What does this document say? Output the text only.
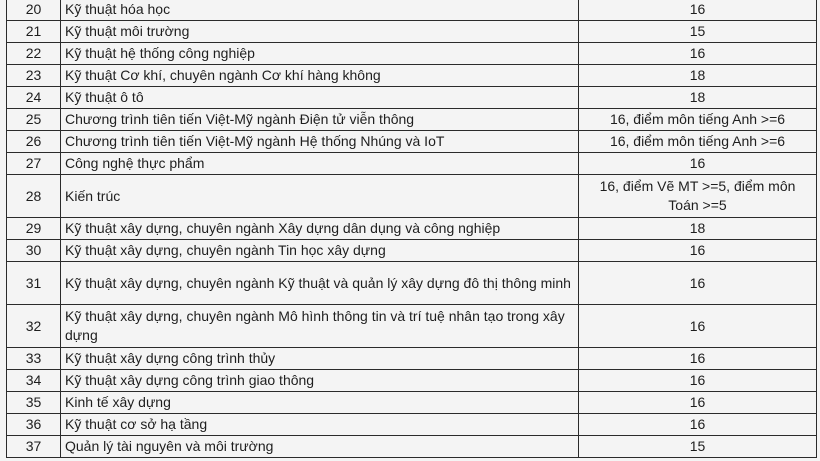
20	Kỹ thuật hóa học	16
21	Kỹ thuật môi trường	15
22	Kỹ thuật hệ thống công nghiệp	16
23	Kỹ thuật Cơ khí, chuyên ngành Cơ khí hàng không	18
24	Kỹ thuật ô tô	18
25	Chương trình tiên tiến Việt-Mỹ ngành Điện tử viễn thông	16, điểm môn tiếng Anh >=6
26	Chương trình tiên tiến Việt-Mỹ ngành Hệ thống Nhúng và IoT	16, điểm môn tiếng Anh >=6
27	Công nghệ thực phẩm	16
28	Kiến trúc	16, điểm Vẽ MT >=5, điểm môn Toán >=5
29	Kỹ thuật xây dựng, chuyên ngành Xây dựng dân dụng và công nghiệp	18
30	Kỹ thuật xây dựng, chuyên ngành Tin học xây dựng	16
31	Kỹ thuật xây dựng, chuyên ngành Kỹ thuật và quản lý xây dựng đô thị thông minh	16
32	Kỹ thuật xây dựng, chuyên ngành Mô hình thông tin và trí tuệ nhân tạo trong xây dựng	16
33	Kỹ thuật xây dựng công trình thủy	16
34	Kỹ thuật xây dựng công trình giao thông	16
35	Kinh tế xây dựng	16
36	Kỹ thuật cơ sở hạ tầng	16
37	Quản lý tài nguyên và môi trường	15
